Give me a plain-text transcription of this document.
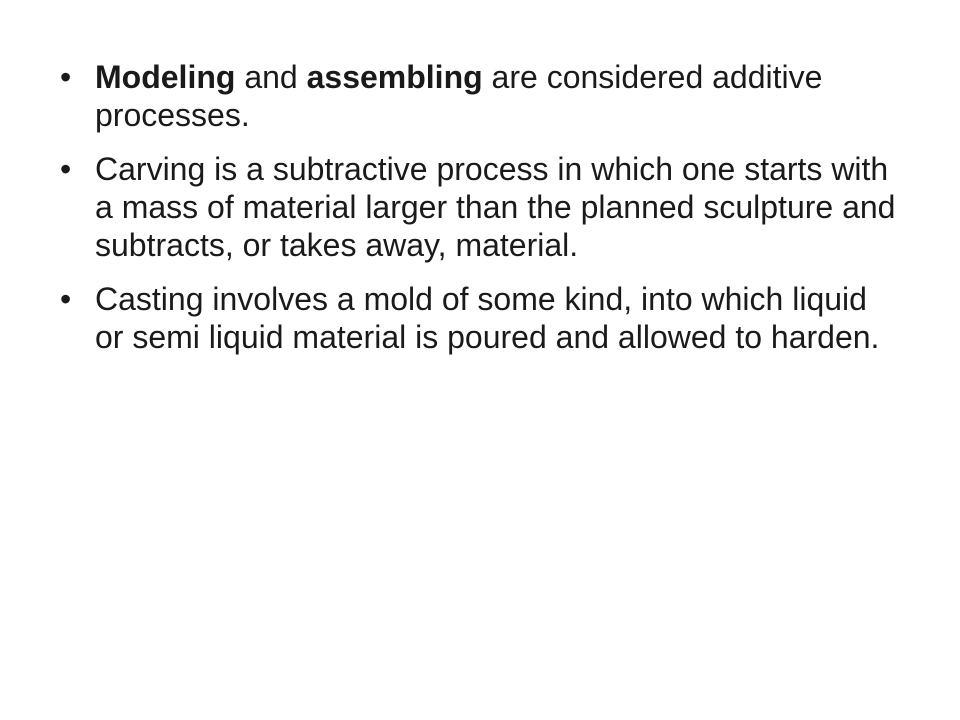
• Modeling and assembling are considered additive processes.
• Carving is a subtractive process in which one starts with a mass of material larger than the planned sculpture and subtracts, or takes away, material.
• Casting involves a mold of some kind, into which liquid or semi liquid material is poured and allowed to harden.
